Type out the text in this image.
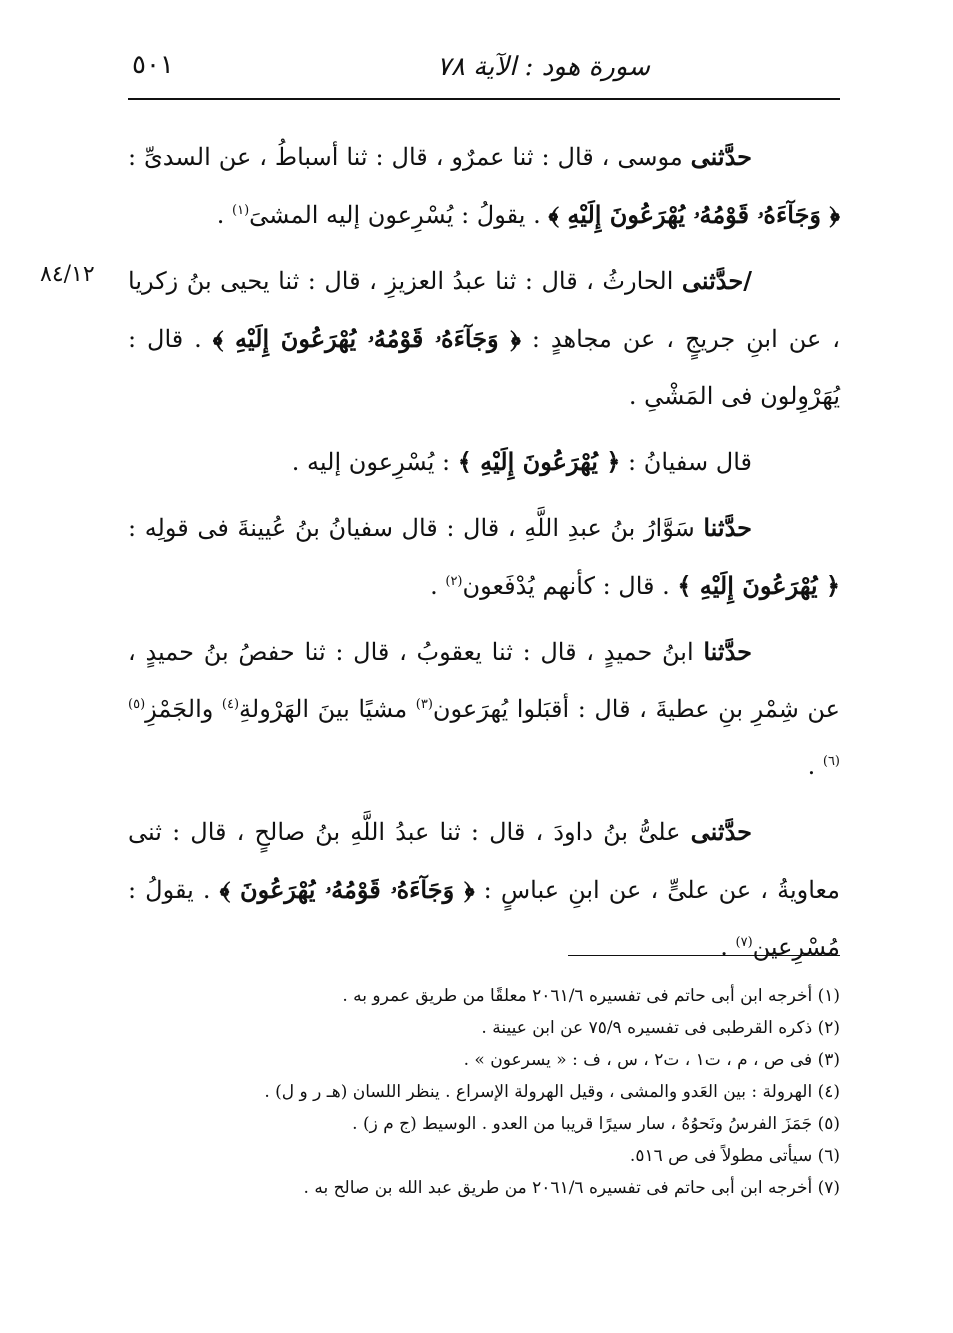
سورة هود : الآية ٧٨
٥٠١
٨٤/١٢

حدَّثنى موسى ، قال : ثنا عمرٌو ، قال : ثنا أسباطُ ، عن السدىِّ : ﴿ وَجَآءَهُۥ قَوْمُهُۥ يُهْرَعُونَ إِلَيْهِ ﴾ . يقولُ : يُسْرِعون إليه المشىَ$^{(١)}$ .

/حدَّثنى الحارثُ ، قال : ثنا عبدُ العزيزِ ، قال : ثنا يحيى بنُ زكريا ، عن ابنِ جريجٍ ، عن مجاهدٍ : ﴿ وَجَآءَهُۥ قَوْمُهُۥ يُهْرَعُونَ إِلَيْهِ ﴾ . قال : يُهَرْوِلون فى المَشْىِ .

قال سفيانُ : ﴿ يُهْرَعُونَ إِلَيْهِ ﴾ : يُسْرِعون إليه .

حدَّثنا سَوَّارُ بنُ عبدِ اللَّهِ ، قال : قال سفيانُ بنُ عُيينةَ فى قولِه : ﴿ يُهْرَعُونَ إِلَيْهِ ﴾ . قال : كأنهم يُدْفَعون$^{(٢)}$ .

حدَّثنا ابنُ حميدٍ ، قال : ثنا يعقوبُ ، قال : ثنا حفصُ بنُ حميدٍ ، عن شِمْرِ بنِ عطيةَ ، قال : أقبَلوا يُهرَعون$^{(٣)}$ مشيًا بينَ الهَرْولةِ$^{(٤)}$ والجَمْزِ$^{(٥)(٦)}$ .

حدَّثنى علىُّ بنُ داودَ ، قال : ثنا عبدُ اللَّهِ بنُ صالحٍ ، قال : ثنى معاويةُ ، عن علىٍّ ، عن ابنِ عباسٍ : ﴿ وَجَآءَهُۥ قَوْمُهُۥ يُهْرَعُونَ ﴾ . يقولُ : مُسْرِعين$^{(٧)}$ .

(١) أخرجه ابن أبى حاتم فى تفسيره ٢٠٦١/٦ معلقًا من طريق عمرو به .

(٢) ذكره القرطبى فى تفسيره ٧٥/٩ عن ابن عيينة .

(٣) فى ص ، م ، ت١ ، ت٢ ، س ، ف : « يسرعون » .

(٤) الهرولة : بين العَدو والمشى ، وقيل الهرولة الإسراع . ينظر اللسان (هـ ر و ل) .

(٥) جَمَزَ الفرسُ ونَحوُهُ ، سار سيرًا قريبا من العدو . الوسيط (ج م ز) .

(٦) سيأتى مطولاً فى ص ٥١٦.

(٧) أخرجه ابن أبى حاتم فى تفسيره ٢٠٦١/٦ من طريق عبد الله بن صالح به .
